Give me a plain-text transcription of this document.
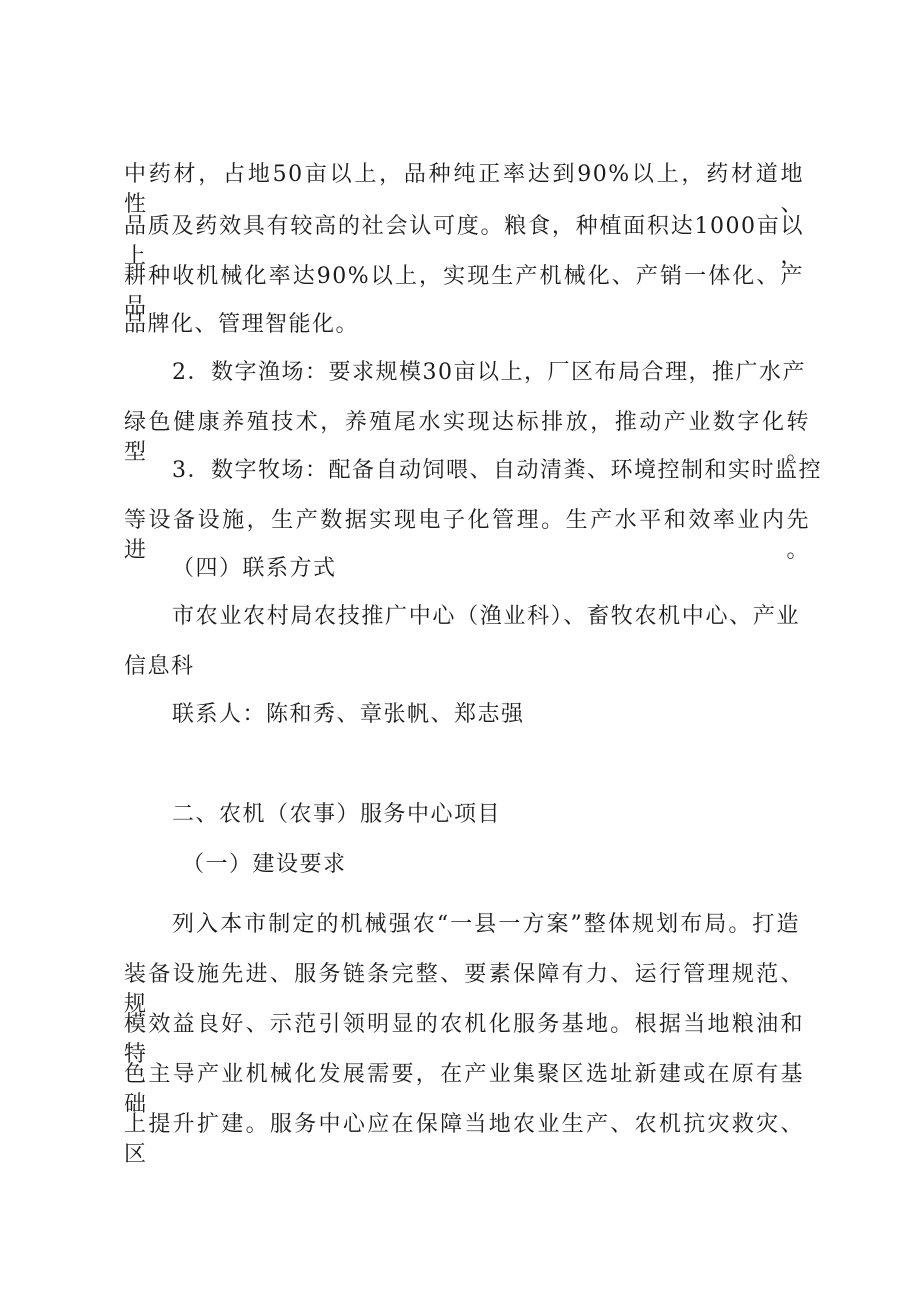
中药材，占地50亩以上，品种纯正率达到90%以上，药材道地性、
品质及药效具有较高的社会认可度。粮食，种植面积达1000亩以上，
耕种收机械化率达90%以上，实现生产机械化、产销一体化、产品
品牌化、管理智能化。
2．数字渔场：要求规模30亩以上，厂区布局合理，推广水产
绿色健康养殖技术，养殖尾水实现达标排放，推动产业数字化转型。
3．数字牧场：配备自动饲喂、自动清粪、环境控制和实时监控
等设备设施，生产数据实现电子化管理。生产水平和效率业内先进。
（四）联系方式
市农业农村局农技推广中心（渔业科）、畜牧农机中心、产业
信息科
联系人：陈和秀、章张帆、郑志强
二、农机（农事）服务中心项目
（一）建设要求
列入本市制定的机械强农“一县一方案”整体规划布局。打造
装备设施先进、服务链条完整、要素保障有力、运行管理规范、规
模效益良好、示范引领明显的农机化服务基地。根据当地粮油和特
色主导产业机械化发展需要，在产业集聚区选址新建或在原有基础
上提升扩建。服务中心应在保障当地农业生产、农机抗灾救灾、区
